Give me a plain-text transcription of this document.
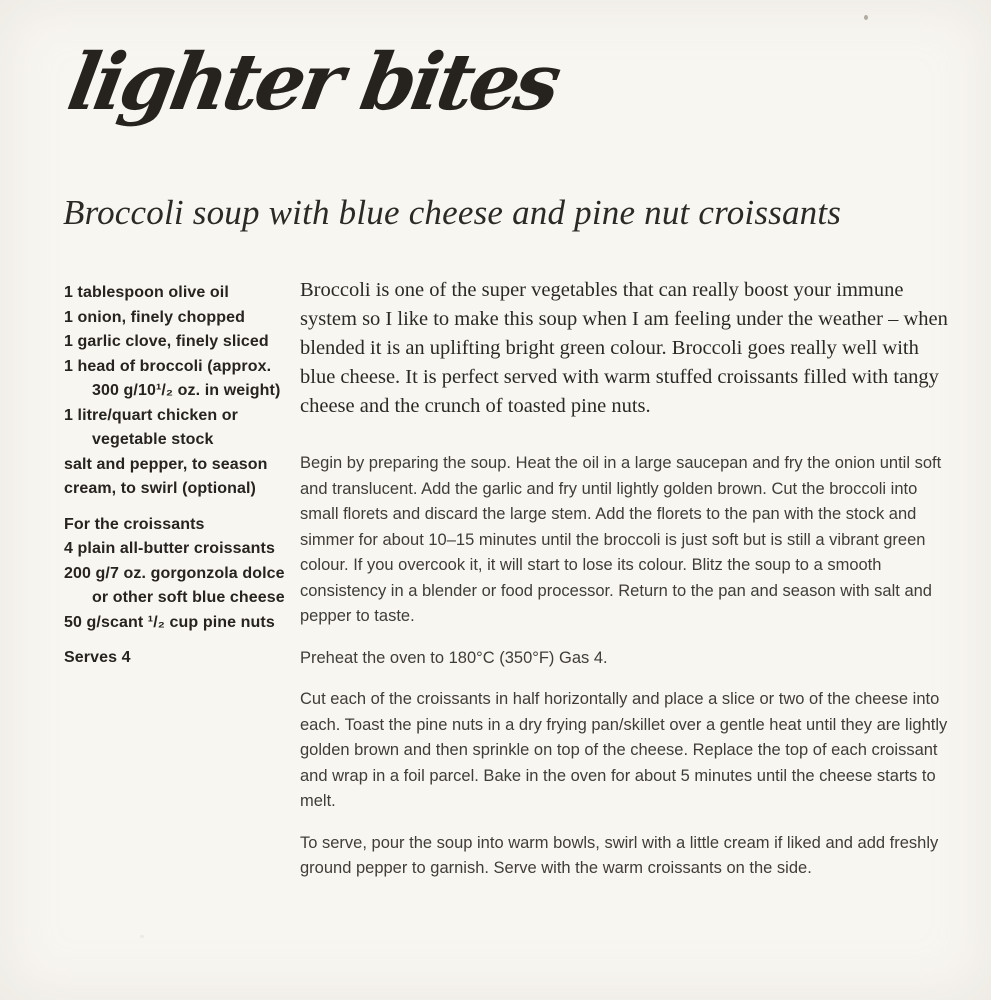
lighter bites
Broccoli soup with blue cheese and pine nut croissants
1 tablespoon olive oil
1 onion, finely chopped
1 garlic clove, finely sliced
1 head of broccoli (approx.
300 g/10¹/₂ oz. in weight)
1 litre/quart chicken or
vegetable stock
salt and pepper, to season
cream, to swirl (optional)
For the croissants
4 plain all-butter croissants
200 g/7 oz. gorgonzola dolce
or other soft blue cheese
50 g/scant ¹/₂ cup pine nuts
Serves 4

Broccoli is one of the super vegetables that can really boost your immune system so I like to make this soup when I am feeling under the weather – when blended it is an uplifting bright green colour. Broccoli goes really well with blue cheese. It is perfect served with warm stuffed croissants filled with tangy cheese and the crunch of toasted pine nuts.

Begin by preparing the soup. Heat the oil in a large saucepan and fry the onion until soft and translucent. Add the garlic and fry until lightly golden brown. Cut the broccoli into small florets and discard the large stem. Add the florets to the pan with the stock and simmer for about 10–15 minutes until the broccoli is just soft but is still a vibrant green colour. If you overcook it, it will start to lose its colour. Blitz the soup to a smooth consistency in a blender or food processor. Return to the pan and season with salt and pepper to taste.

Preheat the oven to 180°C (350°F) Gas 4.

Cut each of the croissants in half horizontally and place a slice or two of the cheese into each. Toast the pine nuts in a dry frying pan/skillet over a gentle heat until they are lightly golden brown and then sprinkle on top of the cheese. Replace the top of each croissant and wrap in a foil parcel. Bake in the oven for about 5 minutes until the cheese starts to melt.

To serve, pour the soup into warm bowls, swirl with a little cream if liked and add freshly ground pepper to garnish. Serve with the warm croissants on the side.
